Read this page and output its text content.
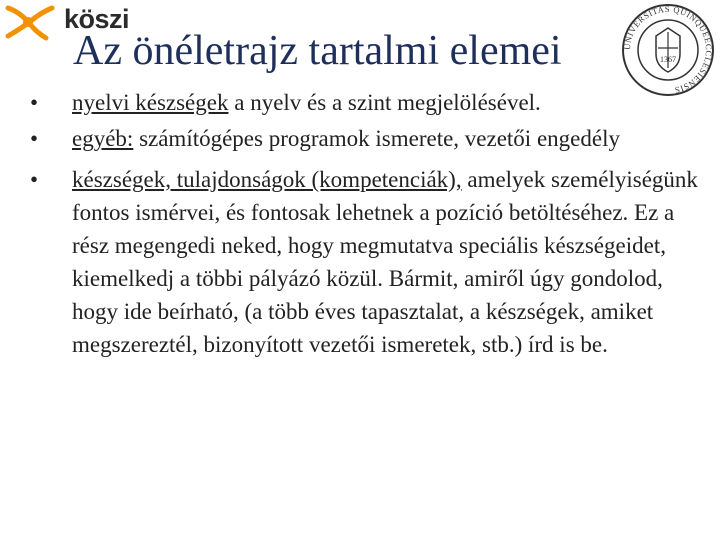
köszi
UNIVERSITAS QUINQUEECCLESIENSIS
1367
Az önéletrajz tartalmi elemei
• nyelvi készségek a nyelv és a szint megjelölésével.
• egyéb: számítógépes programok ismerete, vezetői engedély
• készségek, tulajdonságok (kompetenciák), amelyek személyiségünk fontos ismérvei, és fontosak lehetnek a pozíció betöltéséhez. Ez a rész megengedi neked, hogy megmutatva speciális készségeidet, kiemelkedj a többi pályázó közül. Bármit, amiről úgy gondolod, hogy ide beírható, (a több éves tapasztalat, a készségek, amiket megszereztél, bizonyított vezetői ismeretek, stb.) írd is be.
